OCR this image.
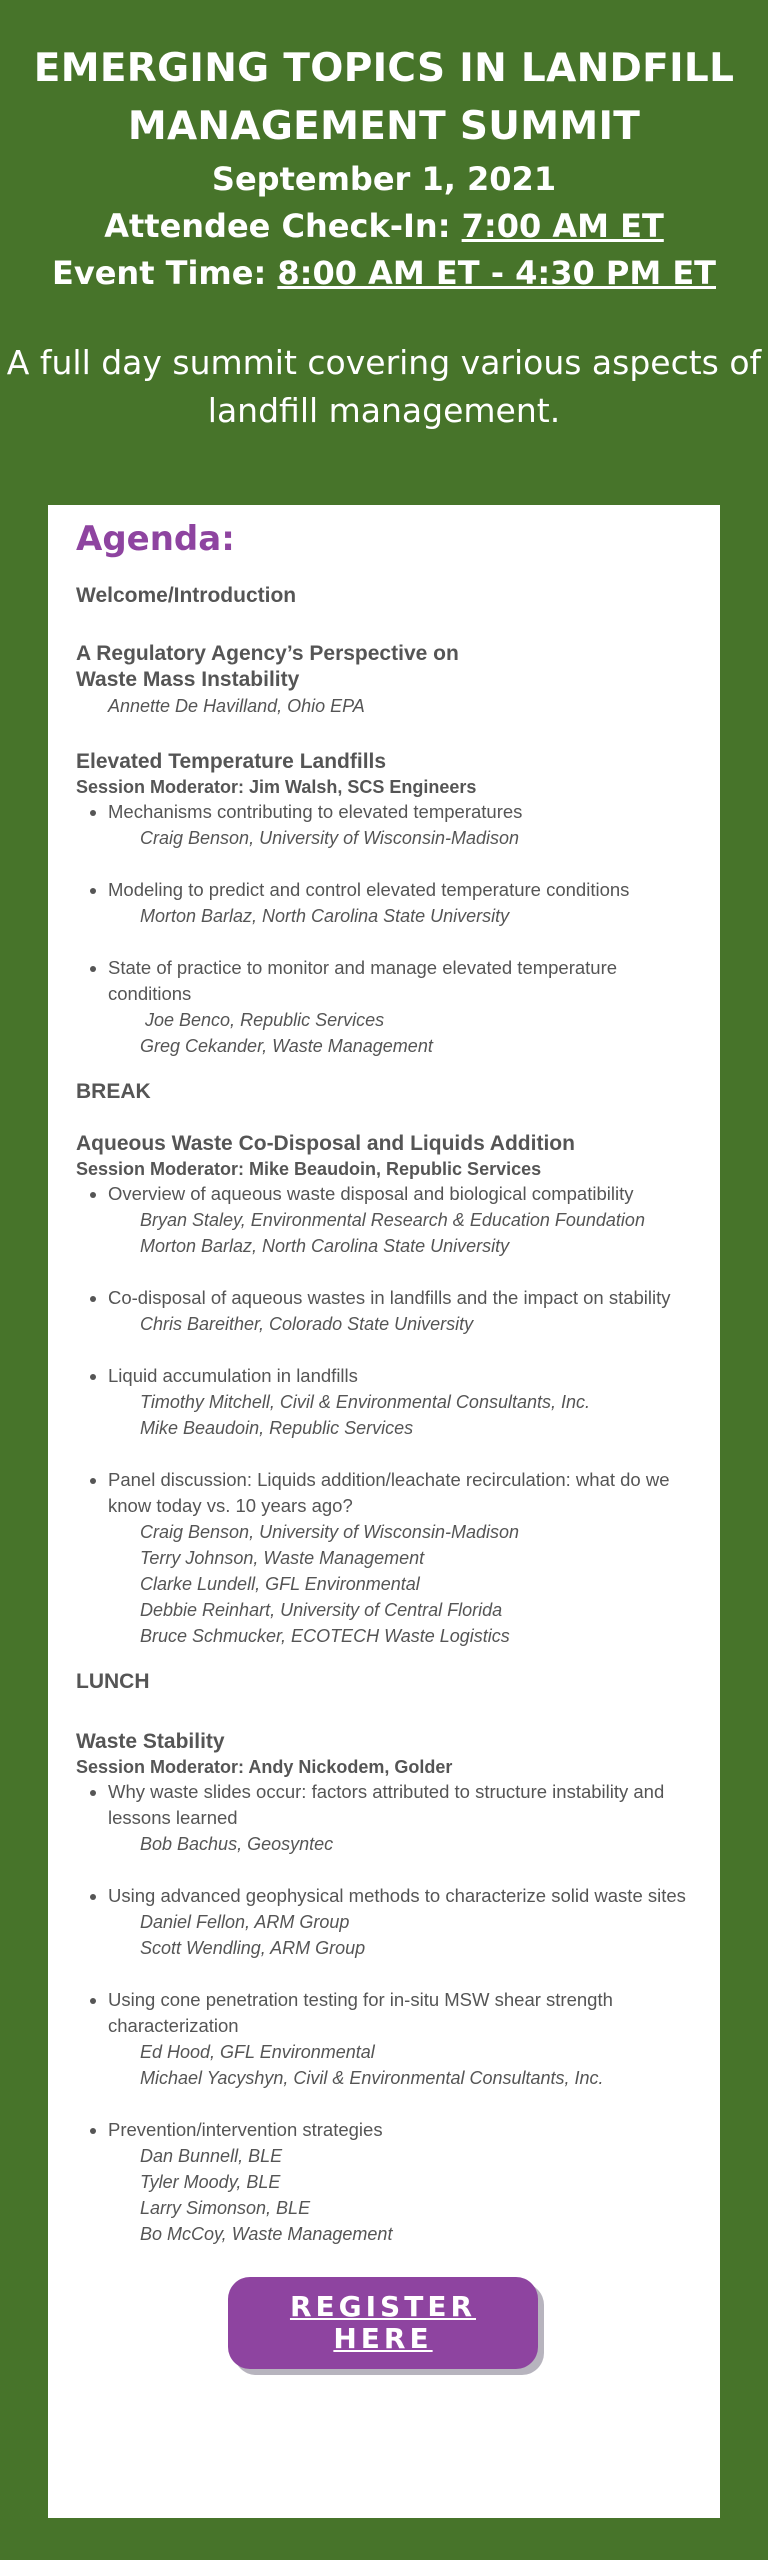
EMERGING TOPICS IN LANDFILL MANAGEMENT SUMMIT
September 1, 2021
Attendee Check-In: 7:00 AM ET
Event Time: 8:00 AM ET - 4:30 PM ET
A full day summit covering various aspects of landfill management.
Agenda:
Welcome/Introduction
A Regulatory Agency’s Perspective on
Waste Mass Instability
Annette De Havilland, Ohio EPA
Elevated Temperature Landfills
Session Moderator: Jim Walsh, SCS Engineers
• Mechanisms contributing to elevated temperatures
Craig Benson, University of Wisconsin-Madison
• Modeling to predict and control elevated temperature conditions
Morton Barlaz, North Carolina State University
• State of practice to monitor and manage elevated temperature conditions
Joe Benco, Republic Services
Greg Cekander, Waste Management
BREAK
Aqueous Waste Co-Disposal and Liquids Addition
Session Moderator: Mike Beaudoin, Republic Services
• Overview of aqueous waste disposal and biological compatibility
Bryan Staley, Environmental Research & Education Foundation
Morton Barlaz, North Carolina State University
• Co-disposal of aqueous wastes in landfills and the impact on stability
Chris Bareither, Colorado State University
• Liquid accumulation in landfills
Timothy Mitchell, Civil & Environmental Consultants, Inc.
Mike Beaudoin, Republic Services
• Panel discussion: Liquids addition/leachate recirculation: what do we know today vs. 10 years ago?
Craig Benson, University of Wisconsin-Madison
Terry Johnson, Waste Management
Clarke Lundell, GFL Environmental
Debbie Reinhart, University of Central Florida
Bruce Schmucker, ECOTECH Waste Logistics
LUNCH
Waste Stability
Session Moderator: Andy Nickodem, Golder
• Why waste slides occur: factors attributed to structure instability and lessons learned
Bob Bachus, Geosyntec
• Using advanced geophysical methods to characterize solid waste sites
Daniel Fellon, ARM Group
Scott Wendling, ARM Group
• Using cone penetration testing for in-situ MSW shear strength characterization
Ed Hood, GFL Environmental
Michael Yacyshyn, Civil & Environmental Consultants, Inc.
• Prevention/intervention strategies
Dan Bunnell, BLE
Tyler Moody, BLE
Larry Simonson, BLE
Bo McCoy, Waste Management
REGISTER
HERE
